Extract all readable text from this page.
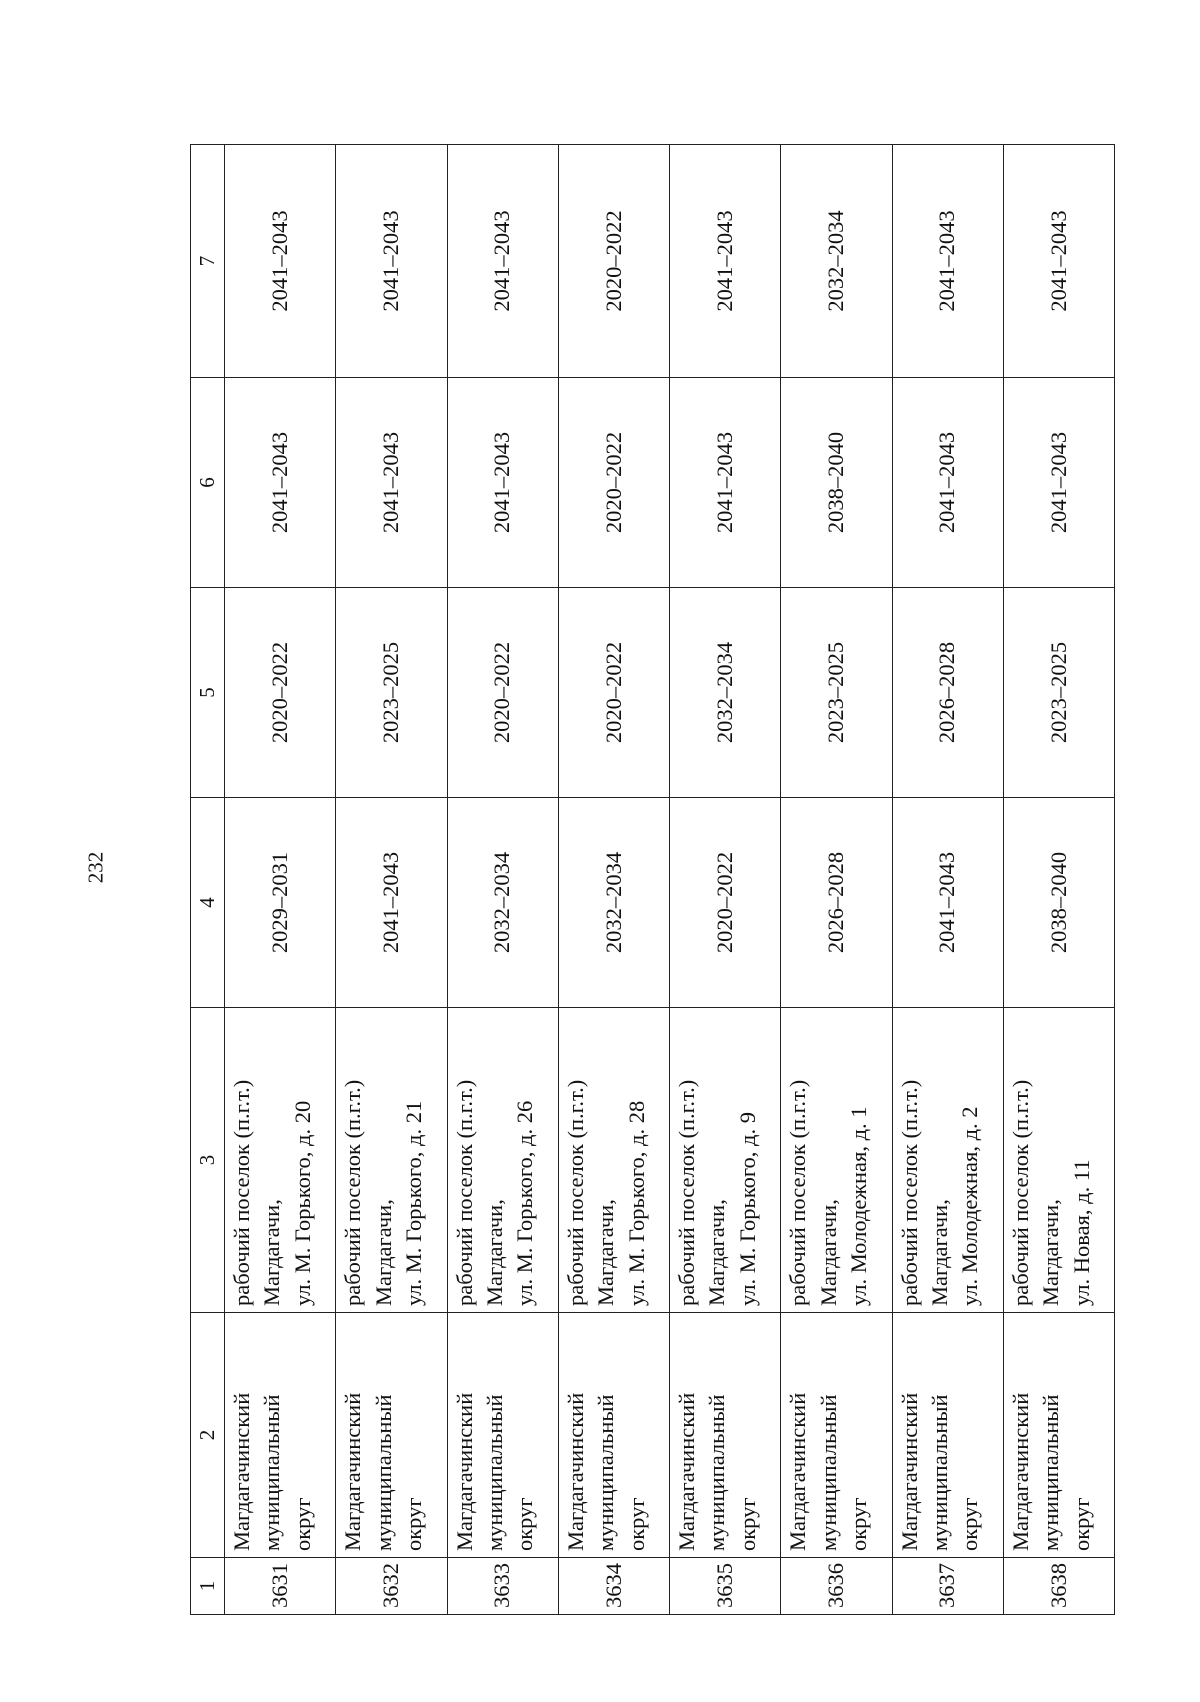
232
1	2	3	4	5	6	7
3631	Магдагачинский муниципальный округ	рабочий поселок (п.г.т.) Магдагачи, ул. М. Горького, д. 20	2029–2031	2020–2022	2041–2043	2041–2043
3632	Магдагачинский муниципальный округ	рабочий поселок (п.г.т.) Магдагачи, ул. М. Горького, д. 21	2041–2043	2023–2025	2041–2043	2041–2043
3633	Магдагачинский муниципальный округ	рабочий поселок (п.г.т.) Магдагачи, ул. М. Горького, д. 26	2032–2034	2020–2022	2041–2043	2041–2043
3634	Магдагачинский муниципальный округ	рабочий поселок (п.г.т.) Магдагачи, ул. М. Горького, д. 28	2032–2034	2020–2022	2020–2022	2020–2022
3635	Магдагачинский муниципальный округ	рабочий поселок (п.г.т.) Магдагачи, ул. М. Горького, д. 9	2020–2022	2032–2034	2041–2043	2041–2043
3636	Магдагачинский муниципальный округ	рабочий поселок (п.г.т.) Магдагачи, ул. Молодежная, д. 1	2026–2028	2023–2025	2038–2040	2032–2034
3637	Магдагачинский муниципальный округ	рабочий поселок (п.г.т.) Магдагачи, ул. Молодежная, д. 2	2041–2043	2026–2028	2041–2043	2041–2043
3638	Магдагачинский муниципальный округ	рабочий поселок (п.г.т.) Магдагачи, ул. Новая, д. 11	2038–2040	2023–2025	2041–2043	2041–2043
